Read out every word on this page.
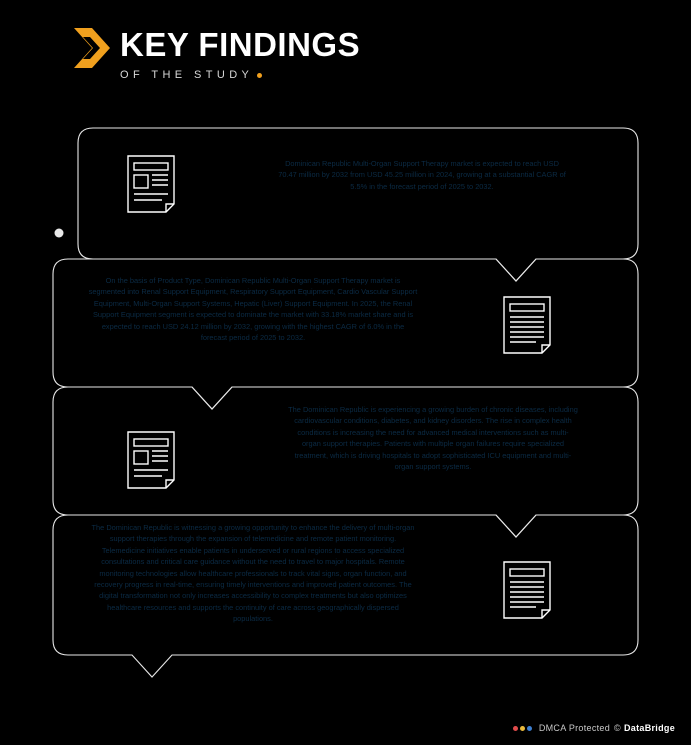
KEY FINDINGS
OF THE STUDY
Dominican Republic Multi-Organ Support Therapy market is expected to reach USD 70.47 million by 2032 from USD 45.25 million in 2024, growing at a substantial CAGR of 5.5% in the forecast period of 2025 to 2032.
On the basis of Product Type, Dominican Republic Multi-Organ Support Therapy market is segmented into Renal Support Equipment, Respiratory Support Equipment, Cardio Vascular Support Equipment, Multi-Organ Support Systems, Hepatic (Liver) Support Equipment. In 2025, the Renal Support Equipment segment is expected to dominate the market with 33.18% market share and is expected to reach USD 24.12 million by 2032, growing with the highest CAGR of 6.0% in the forecast period of 2025 to 2032.
The Dominican Republic is experiencing a growing burden of chronic diseases, including cardiovascular conditions, diabetes, and kidney disorders. The rise in complex health conditions is increasing the need for advanced medical interventions such as multi-organ support therapies. Patients with multiple organ failures require specialized treatment, which is driving hospitals to adopt sophisticated ICU equipment and multi-organ support systems.
The Dominican Republic is witnessing a growing opportunity to enhance the delivery of multi-organ support therapies through the expansion of telemedicine and remote patient monitoring. Telemedicine initiatives enable patients in underserved or rural regions to access specialized consultations and critical care guidance without the need to travel to major hospitals. Remote monitoring technologies allow healthcare professionals to track vital signs, organ function, and recovery progress in real-time, ensuring timely interventions and improved patient outcomes. The digital transformation not only increases accessibility to complex treatments but also optimizes healthcare resources and supports the continuity of care across geographically dispersed populations.
DMCA Protected © DataBridge
